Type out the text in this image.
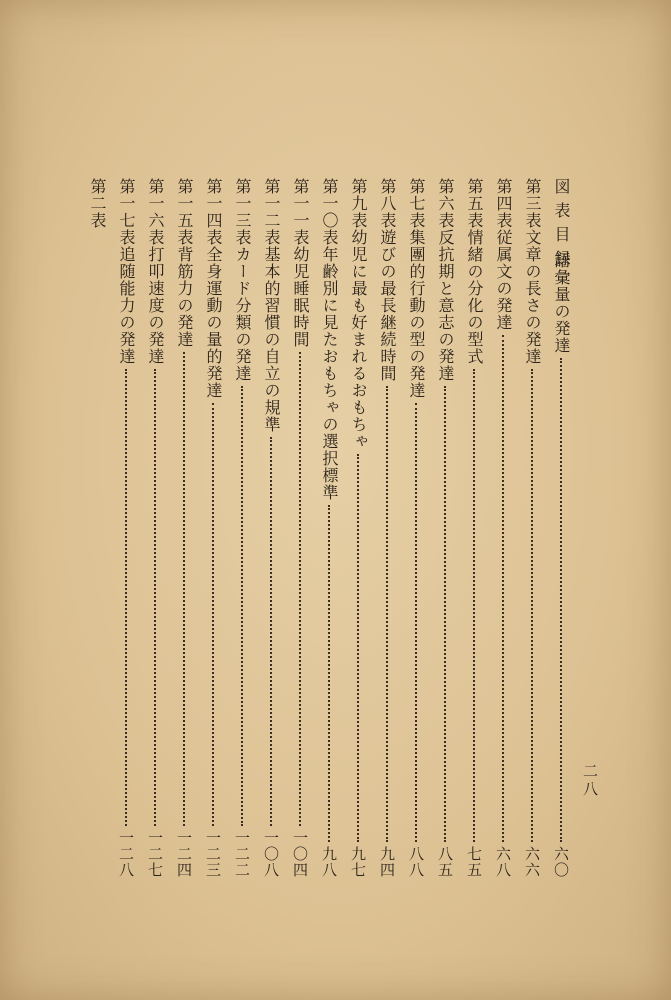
図表目録
二八
語彙量の発達
六〇
第三表
文章の長さの発達
六六
第四表
従属文の発達
六八
第五表
情緒の分化の型式
七五
第六表
反抗期と意志の発達
八五
第七表
集團的行動の型の発達
八八
第八表
遊びの最長継続時間
九四
第九表
幼児に最も好まれるおもちゃ
九七
第一〇表
年齢別に見たおもちゃの選択標準
九八
第一一表
幼児睡眠時間
一〇四
第一二表
基本的習慣の自立の規準
一〇八
第一三表
カード分類の発達
一二二
第一四表
全身運動の量的発達
一二三
第一五表
背筋力の発達
一二四
第一六表
打叩速度の発達
一二七
第一七表
追随能力の発達
一二八
第二表
